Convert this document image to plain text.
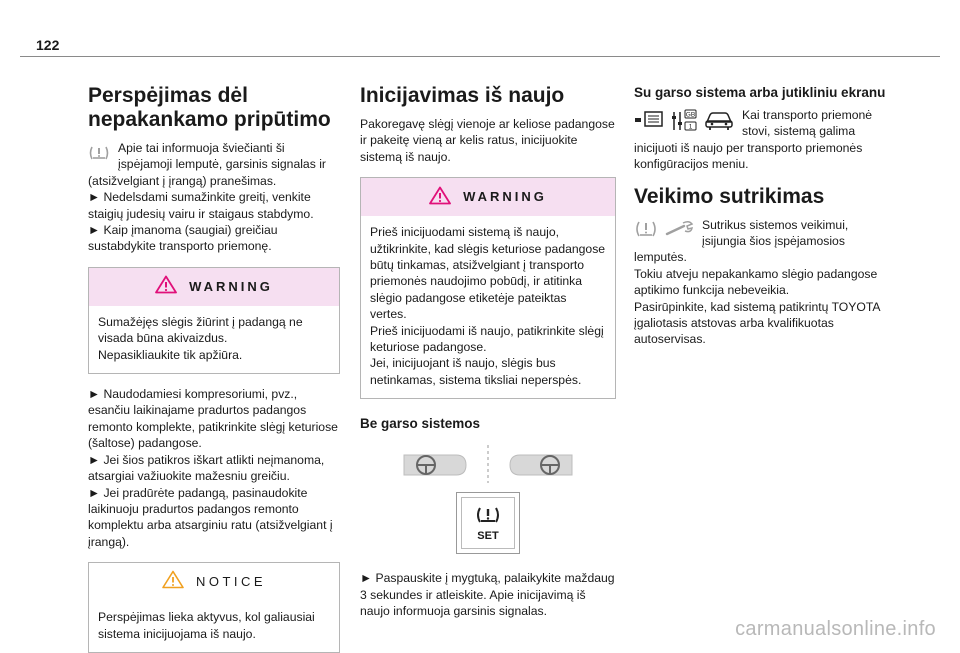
122
Perspėjimas dėl nepakankamo pripūtimo

Apie tai informuoja šviečianti ši įspėjamoji lemputė, garsinis signalas ir (atsižvelgiant į įrangą) pranešimas.

► Nedelsdami sumažinkite greitį, venkite staigių judesių vairu ir staigaus stabdymo.

► Kaip įmanoma (saugiai) greičiau sustabdykite transporto priemonę.

WARNING

Sumažėjęs slėgis žiūrint į padangą ne visada būna akivaizdus.

Nepasikliaukite tik apžiūra.

► Naudodamiesi kompresoriumi, pvz., esančiu laikinajame pradurtos padangos remonto komplekte, patikrinkite slėgį keturiose (šaltose) padangose.

► Jei šios patikros iškart atlikti neįmanoma, atsargiai važiuokite mažesniu greičiu.

► Jei pradūrėte padangą, pasinaudokite laikinuoju pradurtos padangos remonto komplektu arba atsarginiu ratu (atsižvelgiant į įrangą).

NOTICE

Perspėjimas lieka aktyvus, kol galiausiai sistema inicijuojama iš naujo.

Inicijavimas iš naujo

Pakoregavę slėgį vienoje ar keliose padangose ir pakeitę vieną ar kelis ratus, inicijuokite sistemą iš naujo.

WARNING

Prieš inicijuodami sistemą iš naujo, užtikrinkite, kad slėgis keturiose padangose būtų tinkamas, atsižvelgiant į transporto priemonės naudojimo pobūdį, ir atitinka slėgio padangose etiketėje pateiktas vertes.

Prieš inicijuodami iš naujo, patikrinkite slėgį keturiose padangose.

Jei, inicijuojant iš naujo, slėgis bus netinkamas, sistema tiksliai neperspės.

Be garso sistemos
SET

► Paspauskite į mygtuką, palaikykite maždaug 3 sekundes ir atleiskite. Apie inicijavimą iš naujo informuoja garsinis signalas.

Su garso sistema arba jutikliniu ekranu
GB
1

Kai transporto priemonė stovi, sistemą galima inicijuoti iš naujo per transporto priemonės konfigūracijos meniu.

Veikimo sutrikimas

Sutrikus sistemos veikimui, įsijungia šios įspėjamosios lemputės.

Tokiu atveju nepakankamo slėgio padangose aptikimo funkcija nebeveikia.

Pasirūpinkite, kad sistemą patikrintų TOYOTA įgaliotasis atstovas arba kvalifikuotas autoservisas.

carmanualsonline.info
